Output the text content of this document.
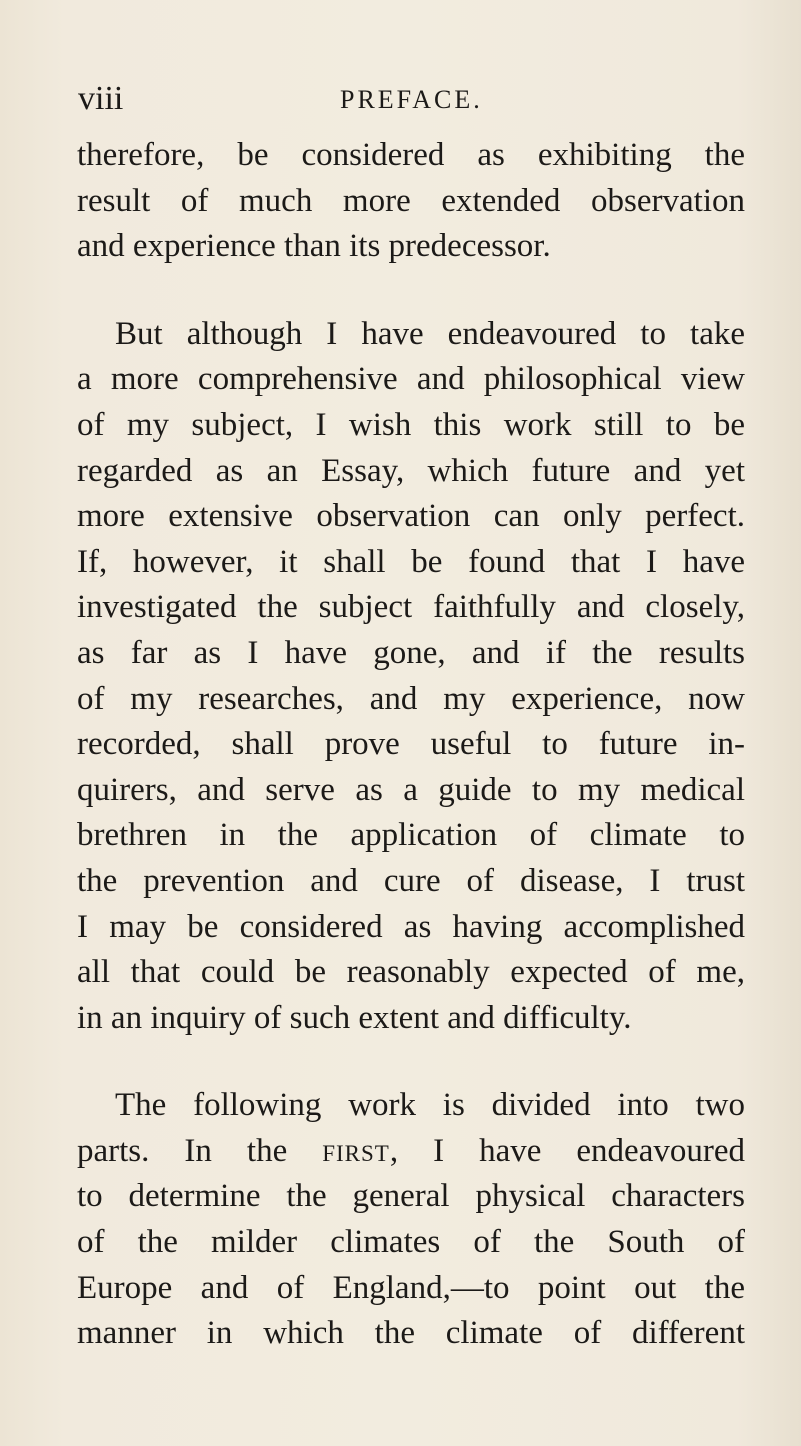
viii	PREFACE.
therefore, be considered as exhibiting the
result of much more extended observation
and experience than its predecessor.
But although I have endeavoured to take
a more comprehensive and philosophical view
of my subject, I wish this work still to be
regarded as an Essay, which future and yet
more extensive observation can only perfect.
If, however, it shall be found that I have
investigated the subject faithfully and closely,
as far as I have gone, and if the results
of my researches, and my experience, now
recorded, shall prove useful to future in-
quirers, and serve as a guide to my medical
brethren in the application of climate to
the prevention and cure of disease, I trust
I may be considered as having accomplished
all that could be reasonably expected of me,
in an inquiry of such extent and difficulty.
The following work is divided into two
parts. In the first, I have endeavoured
to determine the general physical characters
of the milder climates of the South of
Europe and of England,—to point out the
manner in which the climate of different
